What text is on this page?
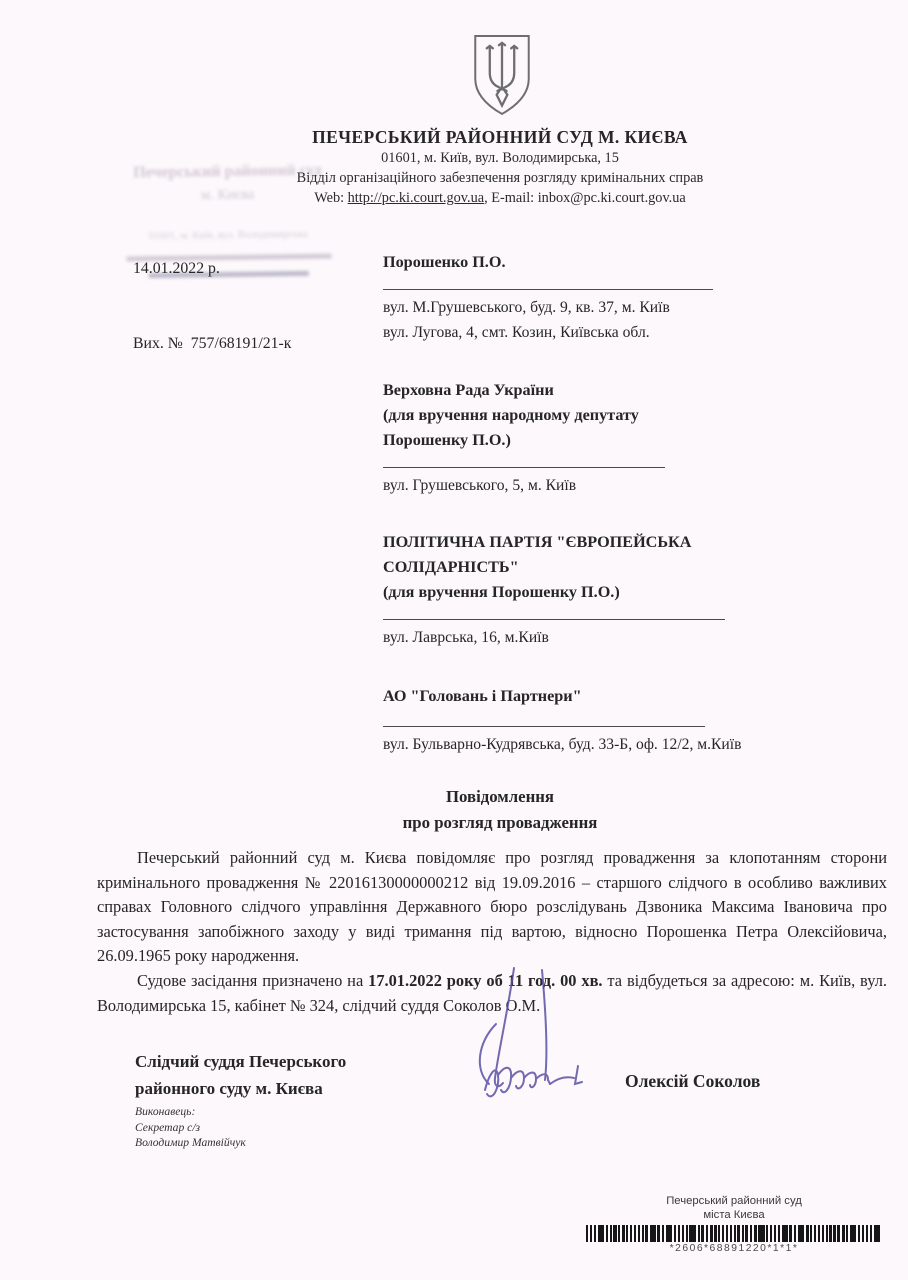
Печерський районний суд
м. Києва
01601, м. Київ, вул. Володимирська
ПЕЧЕРСЬКИЙ РАЙОННИЙ СУД М. КИЄВА
01601, м. Київ, вул. Володимирська, 15
Відділ організаційного забезпечення розгляду кримінальних справ
Web: http://pc.ki.court.gov.ua, E-mail: inbox@pc.ki.court.gov.ua

14.01.2022 р.

Вих. №  757/68191/21-к

Порошенко П.О.
вул. М.Грушевського, буд. 9, кв. 37, м. Київ
вул. Лугова, 4, смт. Козин, Київська обл.
Верховна Рада України
(для вручення народному депутату
Порошенку П.О.)
вул. Грушевського, 5, м. Київ
ПОЛІТИЧНА ПАРТІЯ "ЄВРОПЕЙСЬКА
СОЛІДАРНІСТЬ"
(для вручення Порошенку П.О.)
вул. Лаврська, 16, м.Київ
АО "Головань і Партнери"
вул. Бульварно-Кудрявська, буд. 33-Б, оф. 12/2, м.Київ
Повідомлення
про розгляд провадження

Печерський районний суд м. Києва повідомляє про розгляд провадження за клопотанням сторони кримінального провадження № 22016130000000212 від 19.09.2016 – старшого слідчого в особливо важливих справах Головного слідчого управління Державного бюро розслідувань Дзвоника Максима Івановича про застосування запобіжного заходу у виді тримання під вартою, відносно Порошенка Петра Олексійовича, 26.09.1965 року народження.

Судове засідання призначено на 17.01.2022 року об 11 год. 00 хв. та відбудеться за адресою: м. Київ, вул. Володимирська 15, кабінет № 324, слідчий суддя Соколов О.М.

Слідчий суддя Печерського
районного суду м. Києва
Виконавець:
Секретар с/з
Володимир Матвійчук
Олексій Соколов
Печерський районний суд
міста Києва
*2606*68891220*1*1*
